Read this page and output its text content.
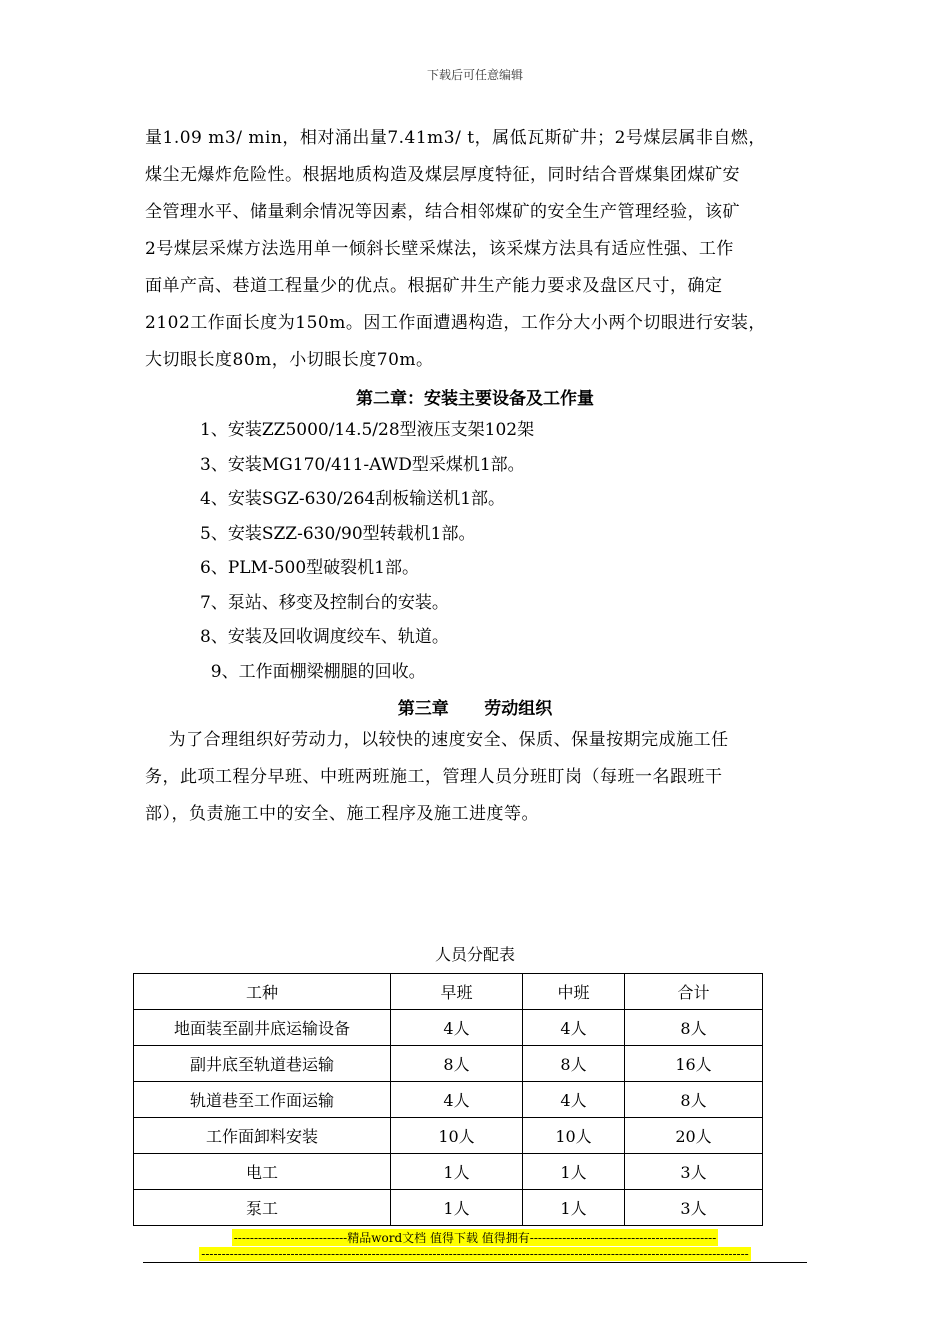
下载后可任意编辑
量1.09 m3/ min，相对涌出量7.41m3/ t，属低瓦斯矿井；2号煤层属非自燃，
煤尘无爆炸危险性。根据地质构造及煤层厚度特征，同时结合晋煤集团煤矿安
全管理水平、储量剩余情况等因素，结合相邻煤矿的安全生产管理经验，该矿
2号煤层采煤方法选用单一倾斜长壁采煤法，该采煤方法具有适应性强、工作
面单产高、巷道工程量少的优点。根据矿井生产能力要求及盘区尺寸，确定
2102工作面长度为150m。因工作面遭遇构造，工作分大小两个切眼进行安装，
大切眼长度80m，小切眼长度70m。
第二章：安装主要设备及工作量
1、安装ZZ5000/14.5/28型液压支架102架
3、安装MG170/411-AWD型采煤机1部。
4、安装SGZ-630/264刮板输送机1部。
5、安装SZZ-630/90型转载机1部。
6、PLM-500型破裂机1部。
7、泵站、移变及控制台的安装。
8、安装及回收调度绞车、轨道。
9、工作面棚梁棚腿的回收。
第三章      劳动组织
为了合理组织好劳动力，以较快的速度安全、保质、保量按期完成施工任
务，此项工程分早班、中班两班施工，管理人员分班盯岗（每班一名跟班干
部），负责施工中的安全、施工程序及施工进度等。
人员分配表
工种	早班	中班	合计
地面装至副井底运输设备	4人	4人	8人
副井底至轨道巷运输	8人	8人	16人
轨道巷至工作面运输	4人	4人	8人
工作面卸料安装	10人	10人	20人
电工	1人	1人	3人
泵工	1人	1人	3人
----------------------------精品word文档 值得下载 值得拥有----------------------------------------------
---------------------------------------------------------------------------------------------------------------------------------------
